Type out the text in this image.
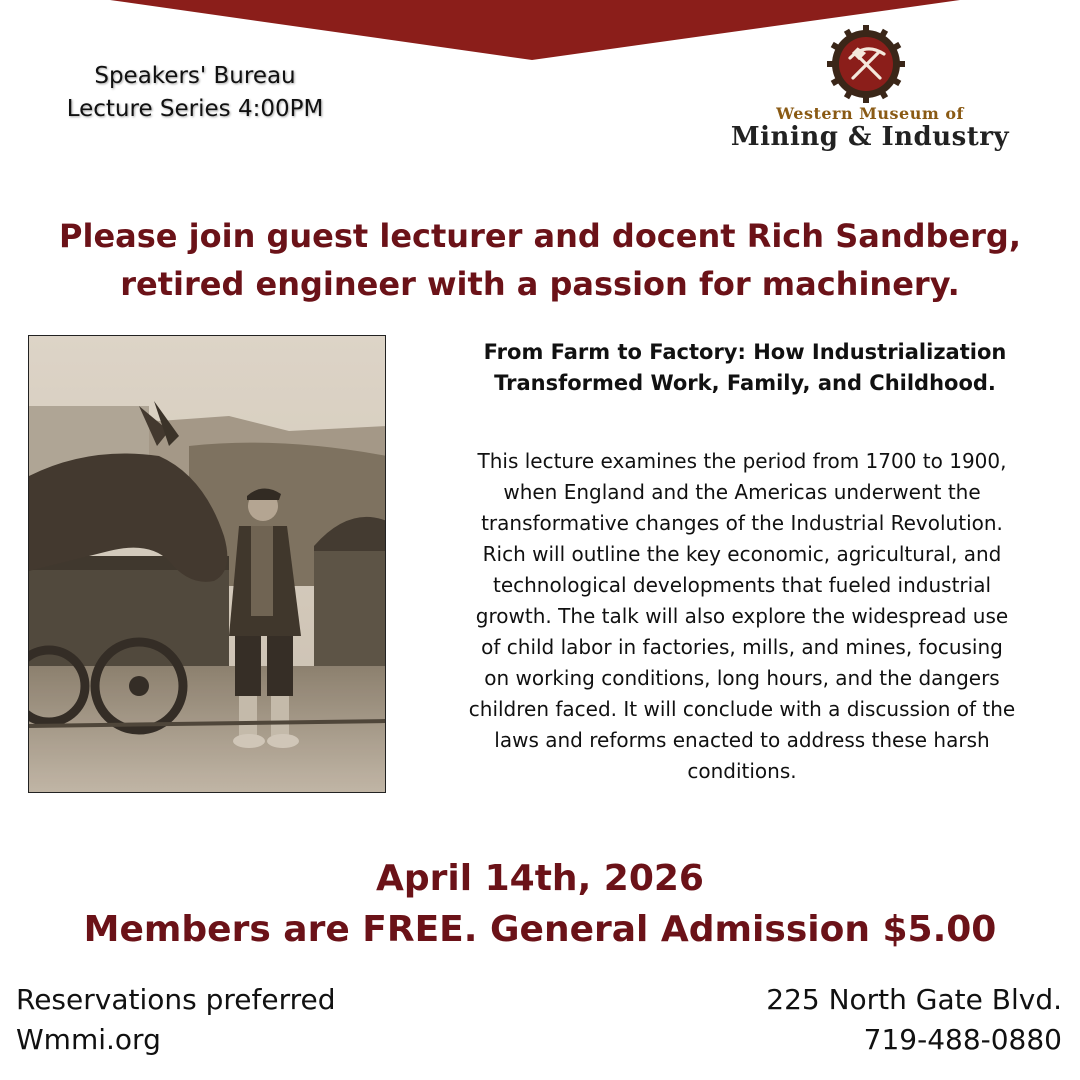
Speakers' Bureau
Lecture Series 4:00PM	Western Museum of
Mining & Industry
Please join guest lecturer and docent Rich Sandberg,
retired engineer with a passion for machinery.
From Farm to Factory: How Industrialization
Transformed Work, Family, and Childhood.
This lecture examines the period from 1700 to 1900,
when England and the Americas underwent the
transformative changes of the Industrial Revolution.
Rich will outline the key economic, agricultural, and
technological developments that fueled industrial
growth. The talk will also explore the widespread use
of child labor in factories, mills, and mines, focusing
on working conditions, long hours, and the dangers
children faced. It will conclude with a discussion of the
laws and reforms enacted to address these harsh
conditions.
April 14th, 2026
Members are FREE. General Admission $5.00
Reservations preferred
Wmmi.org
225 North Gate Blvd.
719-488-0880
